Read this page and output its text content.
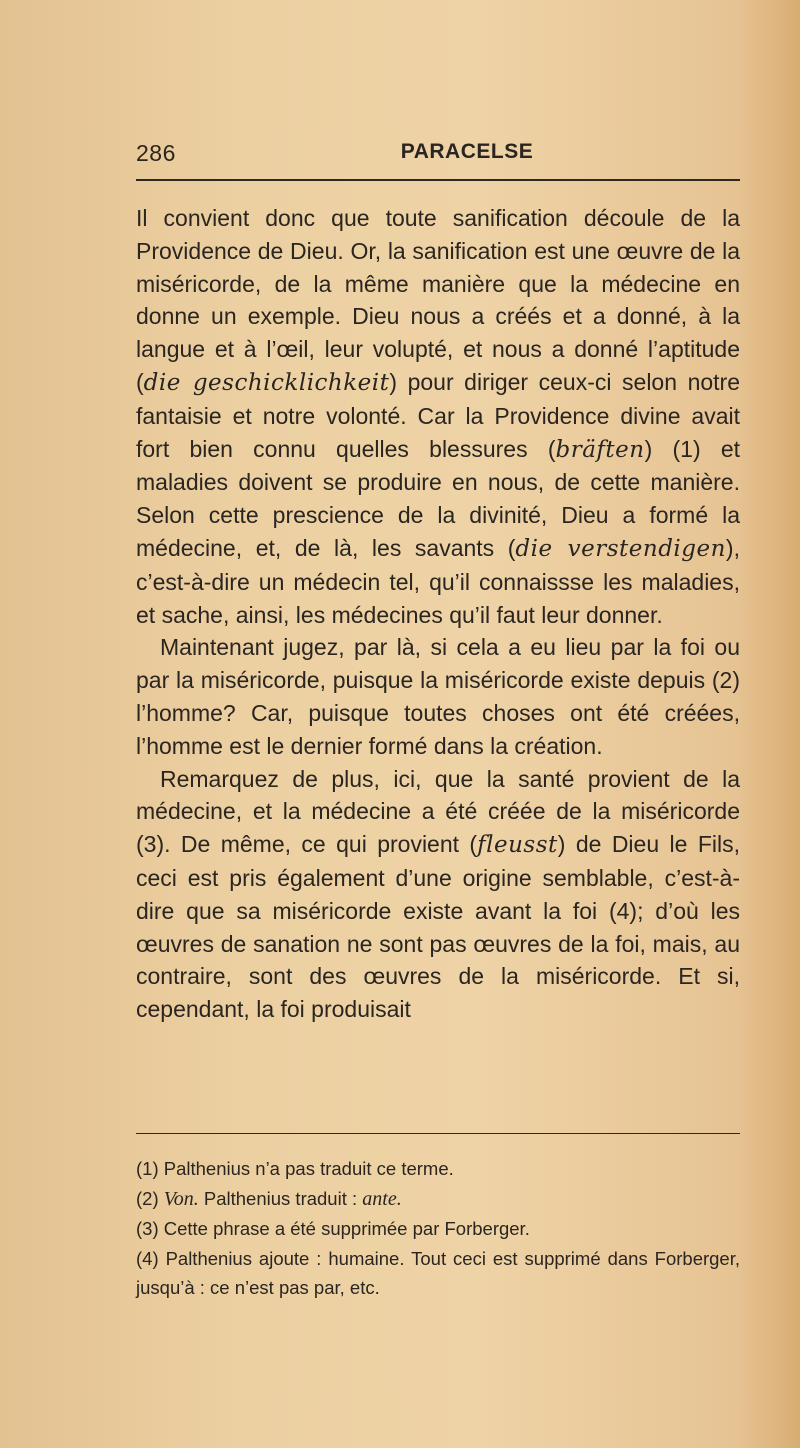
286	PARACELSE

Il convient donc que toute sanification découle de la Providence de Dieu. Or, la sanification est une œuvre de la miséricorde, de la même manière que la médecine en donne un exemple. Dieu nous a créés et a donné, à la langue et à l’œil, leur volupté, et nous a donné l’aptitude (die geschicklichkeit) pour diriger ceux-ci selon notre fantaisie et notre volonté. Car la Providence divine avait fort bien connu quelles blessures (bräften) (1) et maladies doivent se produire en nous, de cette manière. Selon cette prescience de la divinité, Dieu a formé la médecine, et, de là, les savants (die verstendigen), c’est-à-dire un médecin tel, qu’il connaissse les maladies, et sache, ainsi, les médecines qu’il faut leur donner.

Maintenant jugez, par là, si cela a eu lieu par la foi ou par la miséricorde, puisque la miséricorde existe depuis (2) l’homme? Car, puisque toutes choses ont été créées, l’homme est le dernier formé dans la création.

Remarquez de plus, ici, que la santé provient de la médecine, et la médecine a été créée de la miséricorde (3). De même, ce qui provient (fleusst) de Dieu le Fils, ceci est pris également d’une origine semblable, c’est-à-dire que sa miséricorde existe avant la foi (4); d’où les œuvres de sanation ne sont pas œuvres de la foi, mais, au contraire, sont des œuvres de la miséricorde. Et si, cependant, la foi produisait

(1) Palthenius n’a pas traduit ce terme.

(2) Von. Palthenius traduit : ante.

(3) Cette phrase a été supprimée par Forberger.

(4) Palthenius ajoute : humaine. Tout ceci est supprimé dans Forberger, jusqu’à : ce n’est pas par, etc.
